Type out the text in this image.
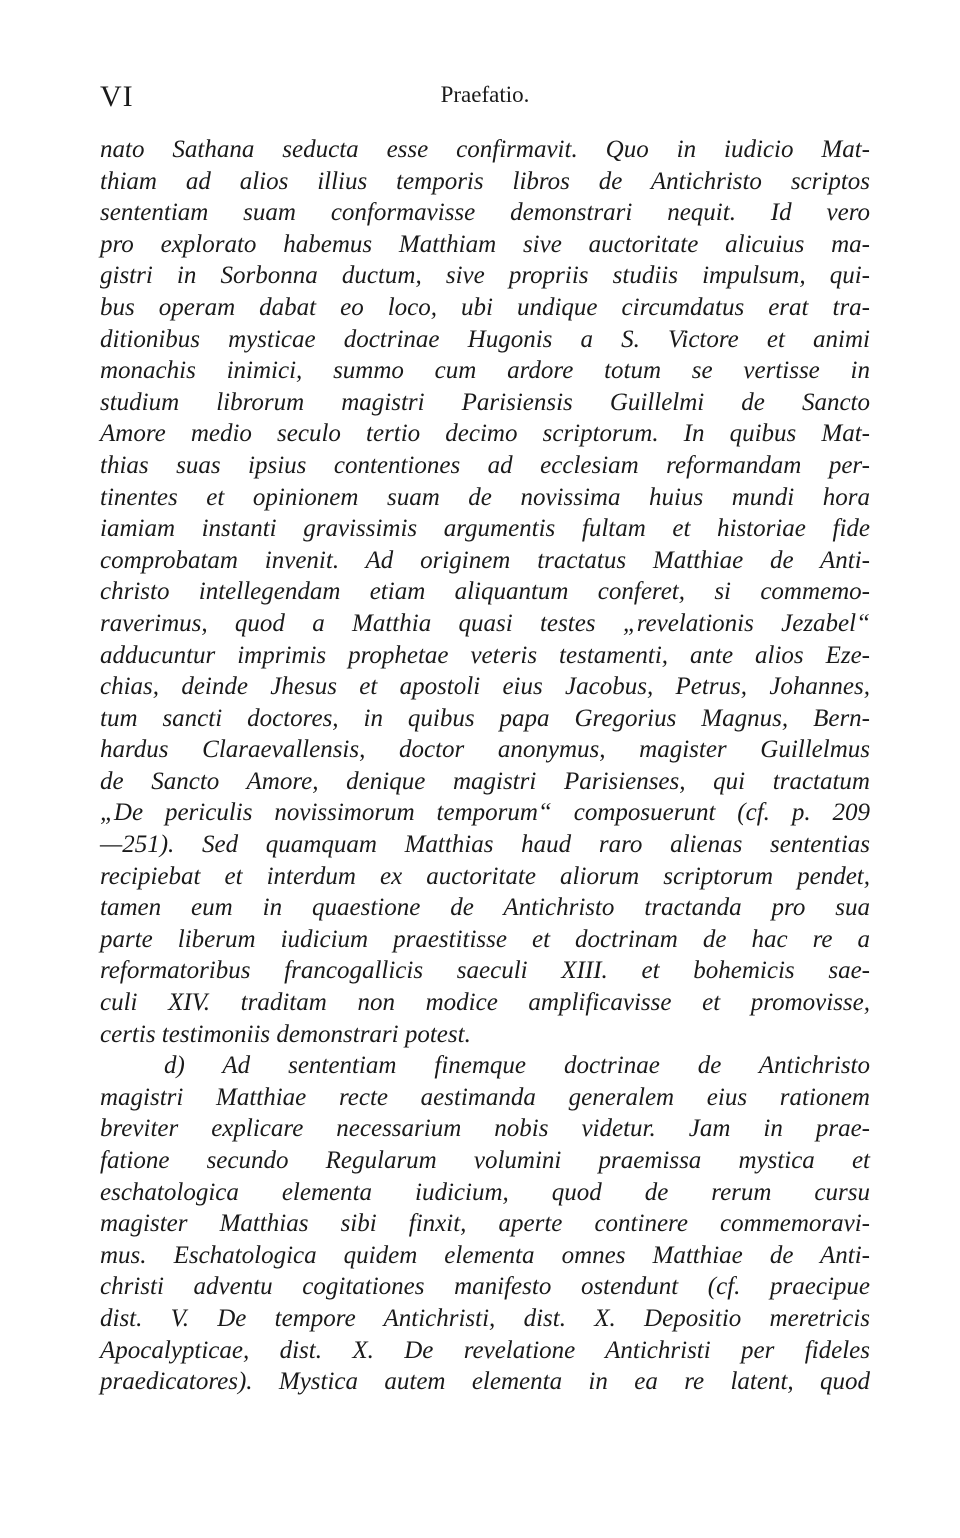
VI	Praefatio.
nato Sathana seducta esse confirmavit. Quo in iudicio Mat-
thiam ad alios illius temporis libros de Antichristo scriptos
sententiam suam conformavisse demonstrari nequit. Id vero
pro explorato habemus Matthiam sive auctoritate alicuius ma-
gistri in Sorbonna ductum, sive propriis studiis impulsum, qui-
bus operam dabat eo loco, ubi undique circumdatus erat tra-
ditionibus mysticae doctrinae Hugonis a S. Victore et animi
monachis inimici, summo cum ardore totum se vertisse in
studium librorum magistri Parisiensis Guillelmi de Sancto
Amore medio seculo tertio decimo scriptorum. In quibus Mat-
thias suas ipsius contentiones ad ecclesiam reformandam per-
tinentes et opinionem suam de novissima huius mundi hora
iamiam instanti gravissimis argumentis fultam et historiae fide
comprobatam invenit. Ad originem tractatus Matthiae de Anti-
christo intellegendam etiam aliquantum conferet, si commemo-
raverimus, quod a Matthia quasi testes „revelationis Jezabel“
adducuntur imprimis prophetae veteris testamenti, ante alios Eze-
chias, deinde Jhesus et apostoli eius Jacobus, Petrus, Johannes,
tum sancti doctores, in quibus papa Gregorius Magnus, Bern-
hardus Claraevallensis, doctor anonymus, magister Guillelmus
de Sancto Amore, denique magistri Parisienses, qui tractatum
„De periculis novissimorum temporum“ composuerunt (cf. p. 209
—251). Sed quamquam Matthias haud raro alienas sententias
recipiebat et interdum ex auctoritate aliorum scriptorum pendet,
tamen eum in quaestione de Antichristo tractanda pro sua
parte liberum iudicium praestitisse et doctrinam de hac re a
reformatoribus francogallicis saeculi XIII. et bohemicis sae-
culi XIV. traditam non modice amplificavisse et promovisse,
certis testimoniis demonstrari potest.
d) Ad sententiam finemque doctrinae de Antichristo
magistri Matthiae recte aestimanda generalem eius rationem
breviter explicare necessarium nobis videtur. Jam in prae-
fatione secundo Regularum volumini praemissa mystica et
eschatologica elementa iudicium, quod de rerum cursu
magister Matthias sibi finxit, aperte continere commemoravi-
mus. Eschatologica quidem elementa omnes Matthiae de Anti-
christi adventu cogitationes manifesto ostendunt (cf. praecipue
dist. V. De tempore Antichristi, dist. X. Depositio meretricis
Apocalypticae, dist. X. De revelatione Antichristi per fideles
praedicatores). Mystica autem elementa in ea re latent, quod
